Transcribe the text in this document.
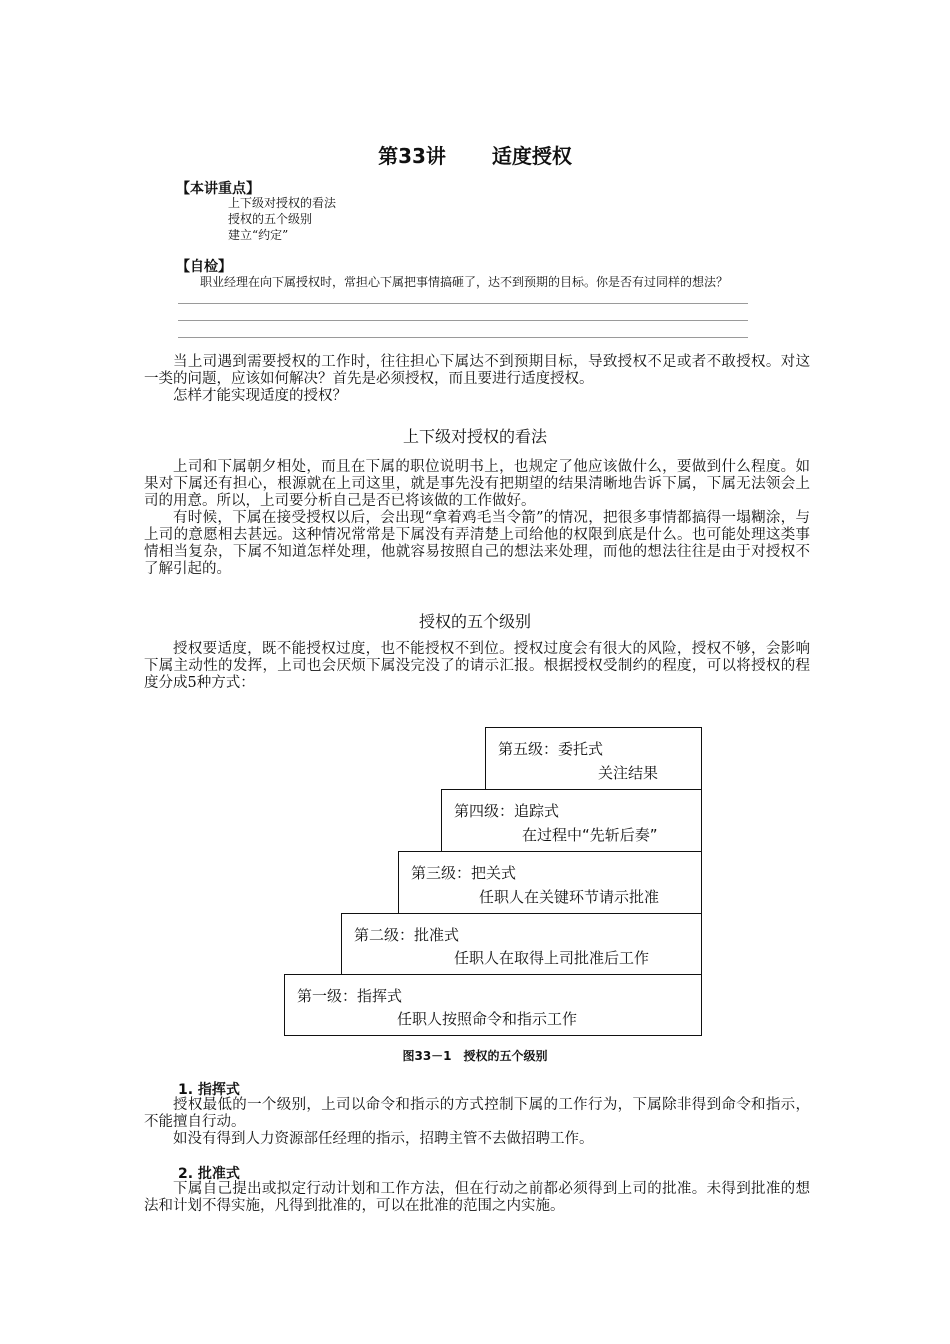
第33讲 适度授权
【本讲重点】
上下级对授权的看法
授权的五个级别
建立“约定”
【自检】
职业经理在向下属授权时，常担心下属把事情搞砸了，达不到预期的目标。你是否有过同样的想法？

当上司遇到需要授权的工作时，往往担心下属达不到预期目标，导致授权不足或者不敢授权。对这一类的问题，应该如何解决？首先是必须授权，而且要进行适度授权。

怎样才能实现适度的授权？

上下级对授权的看法

上司和下属朝夕相处，而且在下属的职位说明书上，也规定了他应该做什么，要做到什么程度。如果对下属还有担心，根源就在上司这里，就是事先没有把期望的结果清晰地告诉下属，下属无法领会上司的用意。所以，上司要分析自己是否已将该做的工作做好。

有时候，下属在接受授权以后，会出现“拿着鸡毛当令箭”的情况，把很多事情都搞得一塌糊涂，与上司的意愿相去甚远。这种情况常常是下属没有弄清楚上司给他的权限到底是什么。也可能处理这类事情相当复杂，下属不知道怎样处理，他就容易按照自己的想法来处理，而他的想法往往是由于对授权不了解引起的。

授权的五个级别

授权要适度，既不能授权过度，也不能授权不到位。授权过度会有很大的风险，授权不够，会影响下属主动性的发挥，上司也会厌烦下属没完没了的请示汇报。根据授权受制约的程度，可以将授权的程度分成5种方式：

第一级：指挥式
任职人按照命令和指示工作
第二级：批准式
任职人在取得上司批准后工作
第三级：把关式
任职人在关键环节请示批准
第四级：追踪式
在过程中“先斩后奏”
第五级：委托式
关注结果
图33－1　授权的五个级别
1. 指挥式

授权最低的一个级别，上司以命令和指示的方式控制下属的工作行为，下属除非得到命令和指示，不能擅自行动。

如没有得到人力资源部任经理的指示，招聘主管不去做招聘工作。

2. 批准式

下属自己提出或拟定行动计划和工作方法，但在行动之前都必须得到上司的批准。未得到批准的想法和计划不得实施，凡得到批准的，可以在批准的范围之内实施。
